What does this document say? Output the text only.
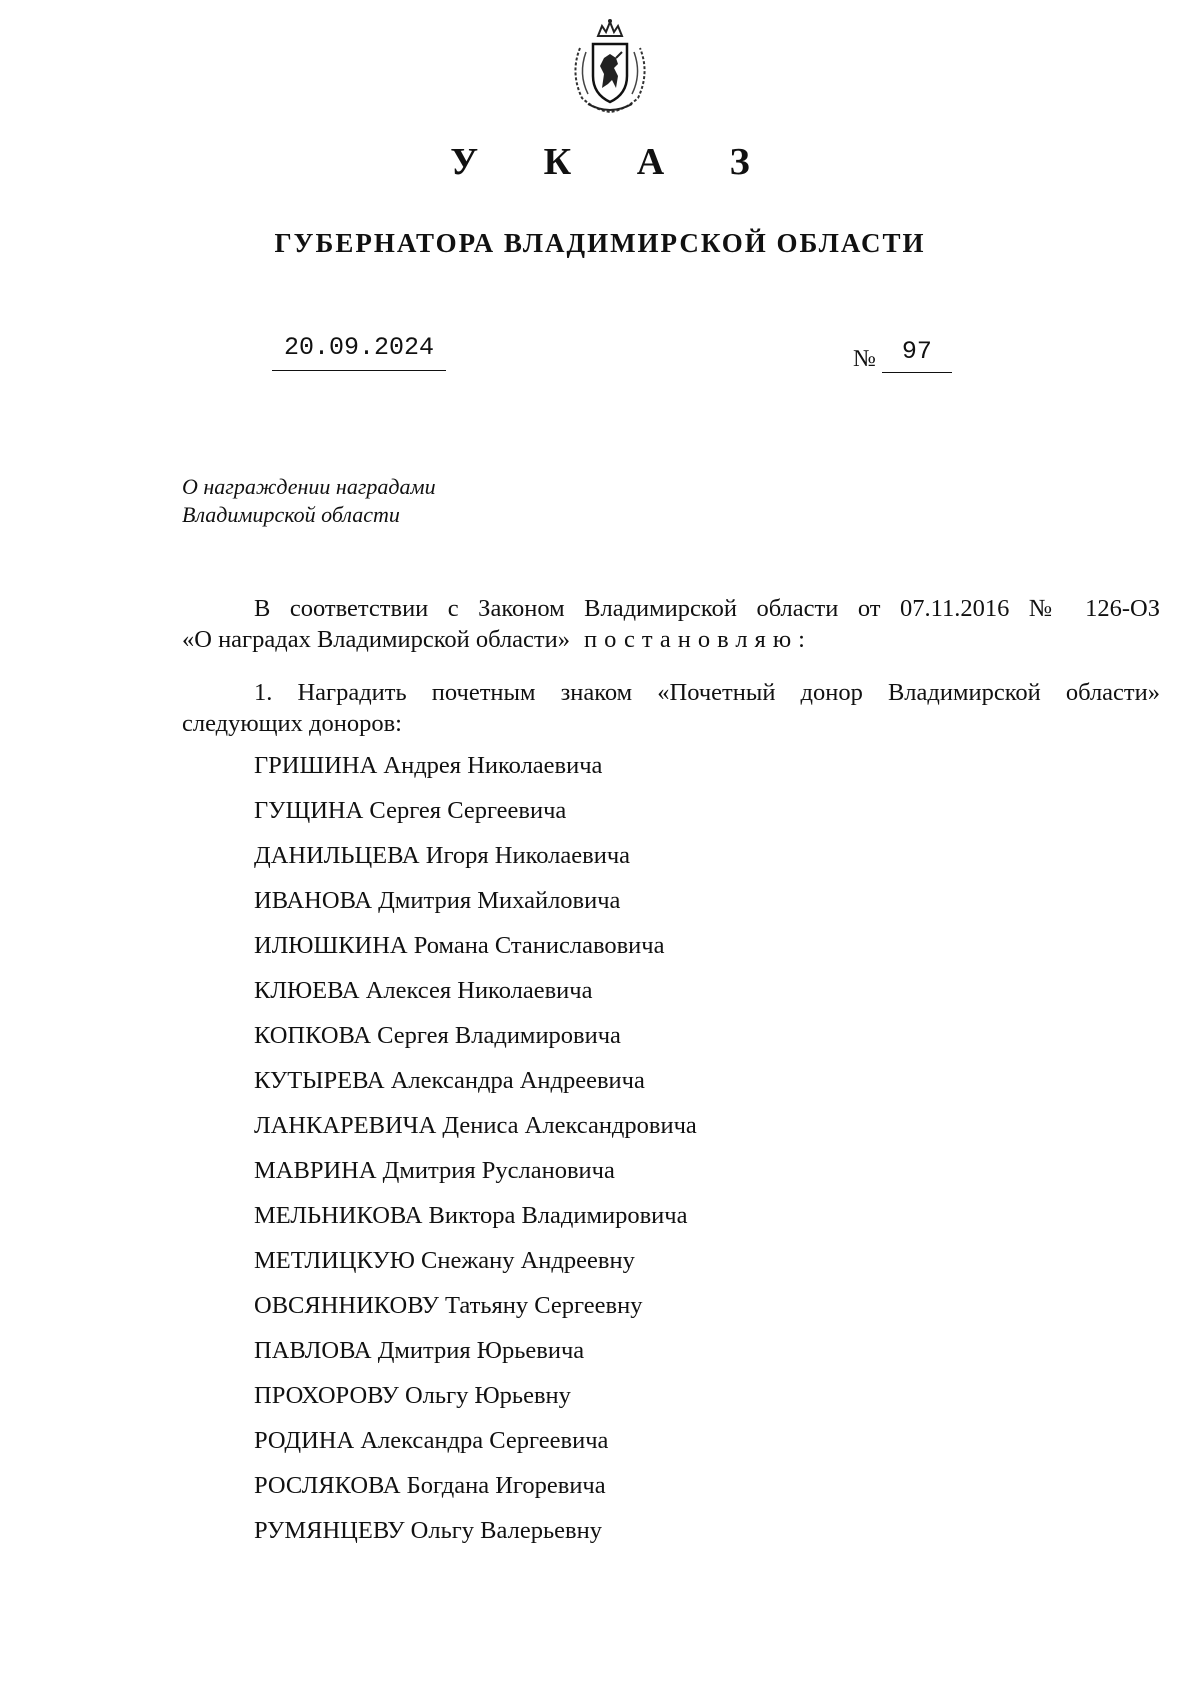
У К А З
ГУБЕРНАТОРА ВЛАДИМИРСКОЙ ОБЛАСТИ
20.09.2024	№ 97
О награждении наградами
Владимирской области
В соответствии с Законом Владимирской области от 07.11.2016 № 126-ОЗ
«О наградах Владимирской области» постановляю:
1. Наградить почетным знаком «Почетный донор Владимирской области»
следующих доноров:
ГРИШИНА Андрея Николаевича
ГУЩИНА Сергея Сергеевича
ДАНИЛЬЦЕВА Игоря Николаевича
ИВАНОВА Дмитрия Михайловича
ИЛЮШКИНА Романа Станиславовича
КЛЮЕВА Алексея Николаевича
КОПКОВА Сергея Владимировича
КУТЫРЕВА Александра Андреевича
ЛАНКАРЕВИЧА Дениса Александровича
МАВРИНА Дмитрия Руслановича
МЕЛЬНИКОВА Виктора Владимировича
МЕТЛИЦКУЮ Снежану Андреевну
ОВСЯННИКОВУ Татьяну Сергеевну
ПАВЛОВА Дмитрия Юрьевича
ПРОХОРОВУ Ольгу Юрьевну
РОДИНА Александра Сергеевича
РОСЛЯКОВА Богдана Игоревича
РУМЯНЦЕВУ Ольгу Валерьевну
